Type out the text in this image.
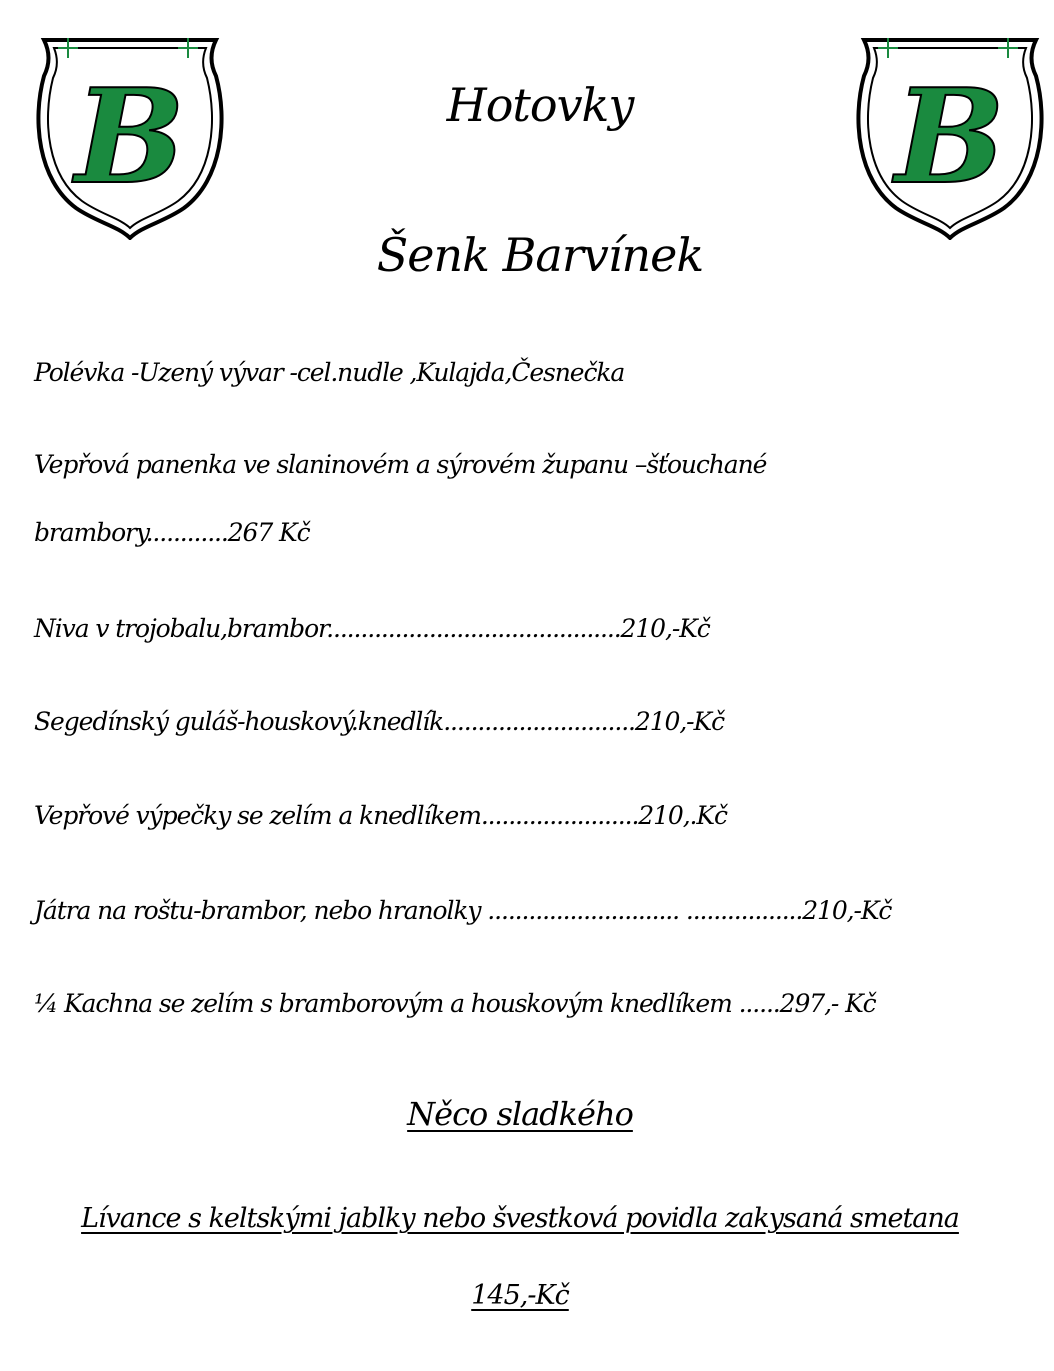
B	B
Hotovky
Šenk Barvínek
Polévka -Uzený vývar -cel.nudle ,Kulajda,Česnečka
Vepřová panenka ve slaninovém a sýrovém županu –šťouchané
brambory............267 Kč
Niva v trojobalu,brambor...........................................210,-Kč
Segedínský guláš-houskový.knedlík............................210,-Kč
Vepřové výpečky se zelím a knedlíkem.......................210,.Kč
Játra na roštu-brambor, nebo hranolky ............................ .................210,-Kč
¼ Kachna se zelím s bramborovým a houskovým knedlíkem ......297,- Kč
Něco sladkého
Lívance s keltskými jablky nebo švestková povidla zakysaná smetana
145,-Kč
